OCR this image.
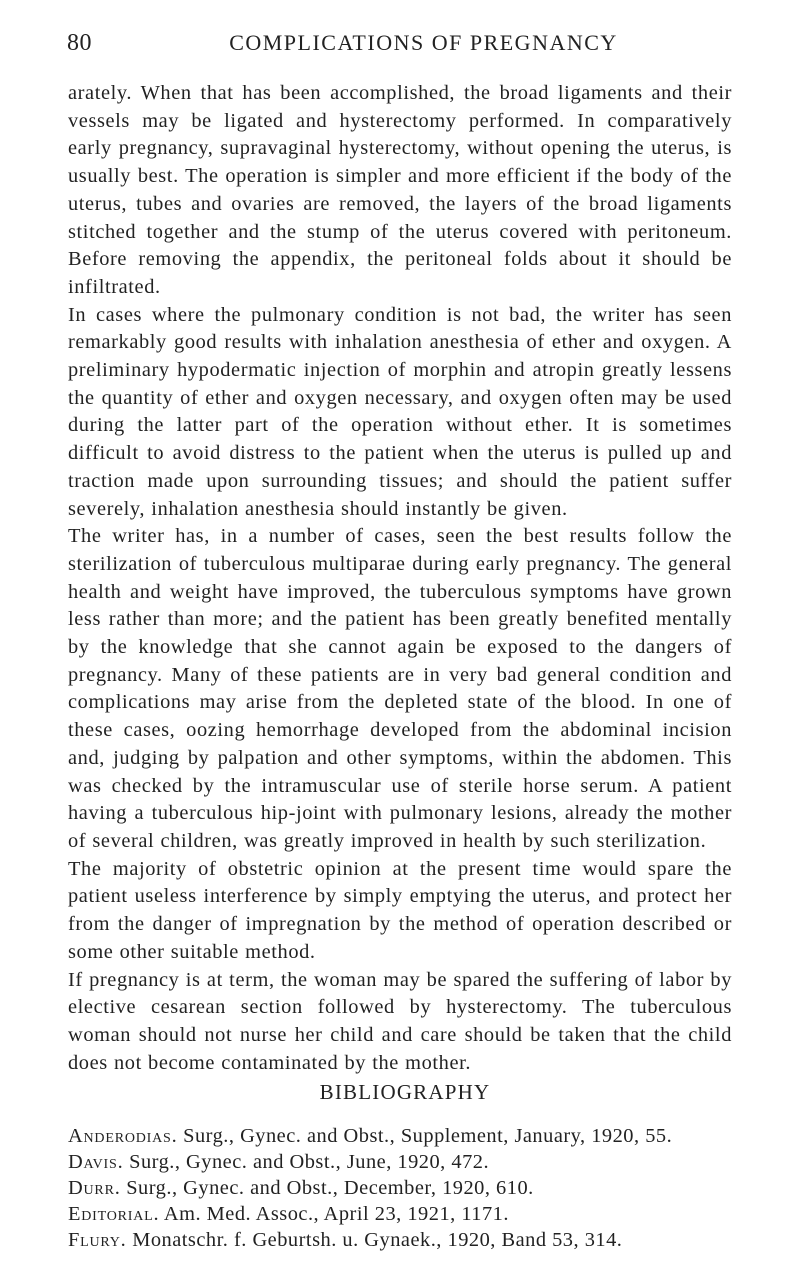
80	COMPLICATIONS OF PREGNANCY

arately. When that has been accomplished, the broad ligaments and their vessels may be ligated and hysterectomy performed. In comparatively early pregnancy, supravaginal hysterectomy, without opening the uterus, is usually best. The operation is simpler and more efficient if the body of the uterus, tubes and ovaries are removed, the layers of the broad ligaments stitched together and the stump of the uterus covered with peritoneum. Before removing the appendix, the peritoneal folds about it should be infiltrated.

In cases where the pulmonary condition is not bad, the writer has seen remarkably good results with inhalation anesthesia of ether and oxygen. A preliminary hypodermatic injection of morphin and atropin greatly lessens the quantity of ether and oxygen necessary, and oxygen often may be used during the latter part of the operation without ether. It is sometimes difficult to avoid distress to the patient when the uterus is pulled up and traction made upon surrounding tissues; and should the patient suffer severely, inhalation anesthesia should instantly be given.

The writer has, in a number of cases, seen the best results follow the sterilization of tuberculous multiparae during early pregnancy. The general health and weight have improved, the tuberculous symptoms have grown less rather than more; and the patient has been greatly benefited mentally by the knowledge that she cannot again be exposed to the dangers of pregnancy. Many of these patients are in very bad general condition and complications may arise from the depleted state of the blood. In one of these cases, oozing hemorrhage developed from the abdominal incision and, judging by palpation and other symptoms, within the abdomen. This was checked by the intramuscular use of sterile horse serum. A patient having a tuberculous hip-joint with pulmonary lesions, already the mother of several children, was greatly improved in health by such sterilization.

The majority of obstetric opinion at the present time would spare the patient useless interference by simply emptying the uterus, and protect her from the danger of impregnation by the method of operation described or some other suitable method.

If pregnancy is at term, the woman may be spared the suffering of labor by elective cesarean section followed by hysterectomy. The tuberculous woman should not nurse her child and care should be taken that the child does not become contaminated by the mother.

BIBLIOGRAPHY
Anderodias. Surg., Gynec. and Obst., Supplement, January, 1920, 55.
Davis. Surg., Gynec. and Obst., June, 1920, 472.
Durr. Surg., Gynec. and Obst., December, 1920, 610.
Editorial. Am. Med. Assoc., April 23, 1921, 1171.
Flury. Monatschr. f. Geburtsh. u. Gynaek., 1920, Band 53, 314.
